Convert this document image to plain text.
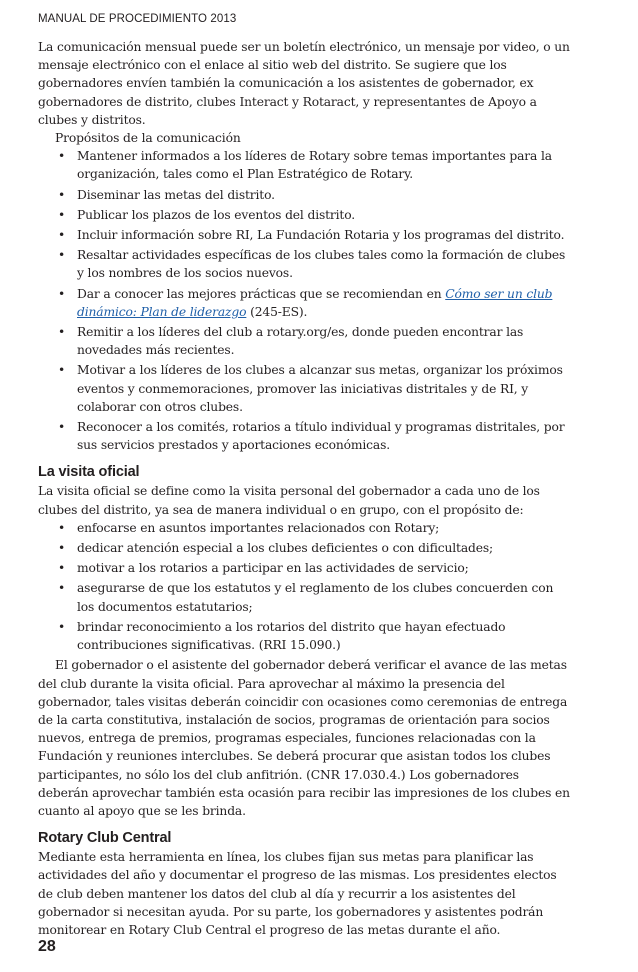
MANUAL DE PROCEDIMIENTO 2013

La comunicación mensual puede ser un boletín electrónico, un mensaje por video, o un mensaje electrónico con el enlace al sitio web del distrito. Se sugiere que los gobernadores envíen también la comunicación a los asistentes de gobernador, ex gobernadores de distrito, clubes Interact y Rotaract, y representantes de Apoyo a clubes y distritos.

Propósitos de la comunicación

• Mantener informados a los líderes de Rotary sobre temas importantes para la organización, tales como el Plan Estratégico de Rotary.
• Diseminar las metas del distrito.
• Publicar los plazos de los eventos del distrito.
• Incluir información sobre RI, La Fundación Rotaria y los programas del distrito.
• Resaltar actividades específicas de los clubes tales como la formación de clubes y los nombres de los socios nuevos.
• Dar a conocer las mejores prácticas que se recomiendan en Cómo ser un club dinámico: Plan de liderazgo (245-ES).
• Remitir a los líderes del club a rotary.org/es, donde pueden encontrar las novedades más recientes.
• Motivar a los líderes de los clubes a alcanzar sus metas, organizar los próximos eventos y conmemoraciones, promover las iniciativas distritales y de RI, y colaborar con otros clubes.
• Reconocer a los comités, rotarios a título individual y programas distritales, por sus servicios prestados y aportaciones económicas.
La visita oficial

La visita oficial se define como la visita personal del gobernador a cada uno de los clubes del distrito, ya sea de manera individual o en grupo, con el propósito de:

• enfocarse en asuntos importantes relacionados con Rotary;
• dedicar atención especial a los clubes deficientes o con dificultades;
• motivar a los rotarios a participar en las actividades de servicio;
• asegurarse de que los estatutos y el reglamento de los clubes concuerden con los documentos estatutarios;
• brindar reconocimiento a los rotarios del distrito que hayan efectuado contribuciones significativas. (RRI 15.090.)

El gobernador o el asistente del gobernador deberá verificar el avance de las metas del club durante la visita oficial. Para aprovechar al máximo la presencia del gobernador, tales visitas deberán coincidir con ocasiones como ceremonias de entrega de la carta constitutiva, instalación de socios, programas de orientación para socios nuevos, entrega de premios, programas especiales, funciones relacionadas con la Fundación y reuniones interclubes. Se deberá procurar que asistan todos los clubes participantes, no sólo los del club anfitrión. (CNR 17.030.4.) Los gobernadores deberán aprovechar también esta ocasión para recibir las impresiones de los clubes en cuanto al apoyo que se les brinda.

Rotary Club Central

Mediante esta herramienta en línea, los clubes fijan sus metas para planificar las actividades del año y documentar el progreso de las mismas. Los presidentes electos de club deben mantener los datos del club al día y recurrir a los asistentes del gobernador si necesitan ayuda. Por su parte, los gobernadores y asistentes podrán monitorear en Rotary Club Central el progreso de las metas durante el año.

28
